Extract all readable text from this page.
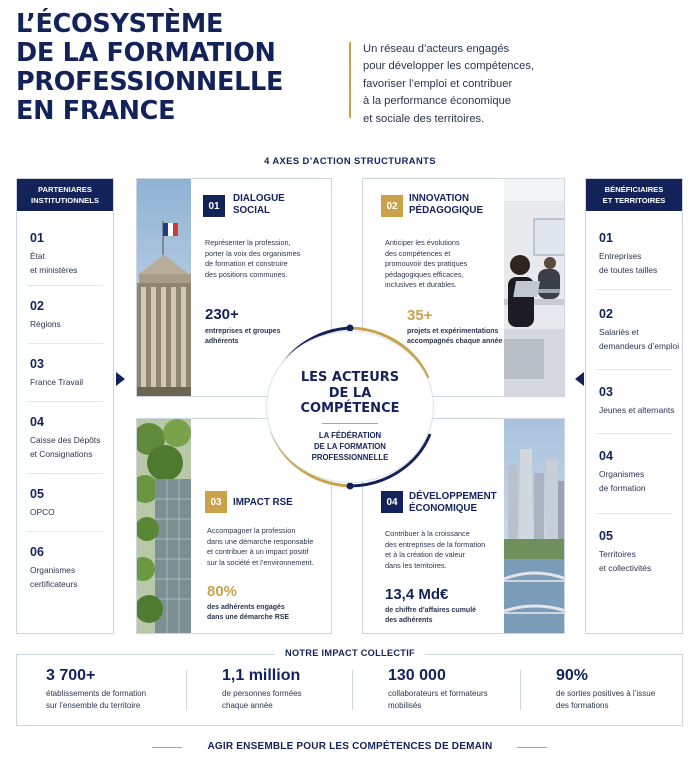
L’ÉCOSYSTÈME
DE LA FORMATION
PROFESSIONNELLE
EN FRANCE
Un réseau d’acteurs engagés
pour développer les compétences,
favoriser l’emploi et contribuer
à la performance économique
et sociale des territoires.
4 AXES D’ACTION STRUCTURANTS
PARTENIARES
INSTITUTIONNELS
01
État
et ministères
02
Régions
03
France Travail
04
Caisse des Dépôts
et Consignations
05
OPCO
06
Organismes
certificateurs
BÉNÉFICIAIRES
ET TERRITOIRES
01
Entreprises
de toutes tailles
02
Salariés et
demandeurs d’emploi
03
Jeunes et alternants
04
Organismes
de formation
05
Territoires
et collectivités
01
DIALOGUE
SOCIAL
Représenter la profession,
porter la voix des organismes
de formation et construire
des positions communes.
230+
entreprises et groupes
adhérents
02
INNOVATION
PÉDAGOGIQUE
Anticiper les évolutions
des compétences et
promouvoir des pratiques
pédagogiques efficaces,
inclusives et durables.
35+
projets et expérimentations
accompagnés chaque année
03	IMPACT RSE
Accompagner la profession
dans une démarche responsable
et contribuer à un impact positif
sur la société et l’environnement.
80%
des adhérents engagés
dans une démarche RSE
04	DÉVELOPPEMENT
ÉCONOMIQUE
Contribuer à la croissance
des entreprises de la formation
et à la création de valeur
dans les territoires.
13,4 Md€
de chiffre d’affaires cumulé
des adhérents
LES ACTEURS
DE LA
COMPÉTENCE
LA FÉDÉRATION
DE LA FORMATION
PROFESSIONNELLE
NOTRE IMPACT COLLECTIF
3 700+
établissements de formation
sur l’ensemble du territoire
1,1 million
de personnes formées
chaque année
130 000
collaborateurs et formateurs
mobilisés
90%
de sorties positives à l’issue
des formations
AGIR ENSEMBLE POUR LES COMPÉTENCES DE DEMAIN
